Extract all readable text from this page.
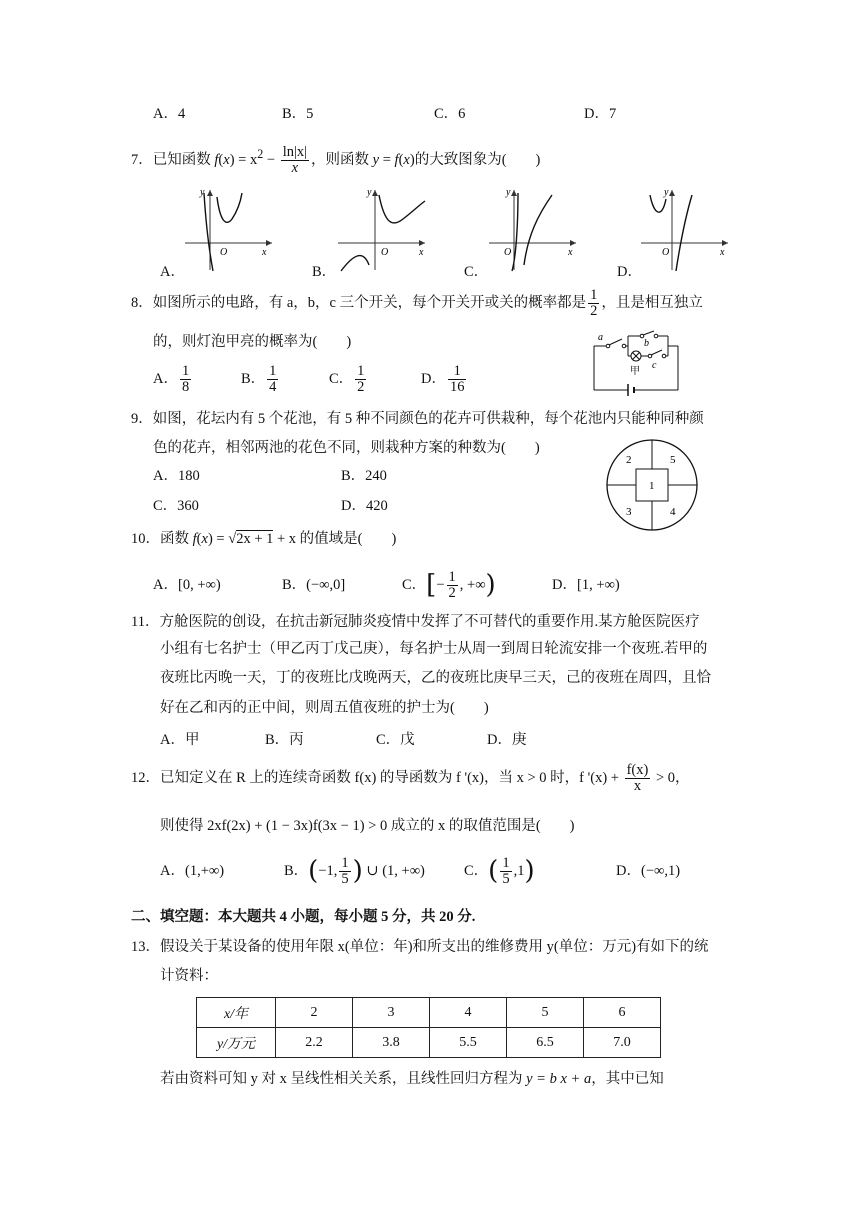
A．4	B．5	C．6	D．7
7．已知函数 $f(x) = x^2 - \frac{\ln|x|}{x}$ ，则函数 y = f(x)的大致图象为(　　)
y
x
O
y
x
O
y
x
O
y
x
O
A．	B．	C．	D．
8．如图所示的电路，有 a，b，c 三个开关，每个开关开或关的概率都是 $\frac{1}{2}$ ，且是相互独立
的，则灯泡甲亮的概率为(　　)
A． $\frac{1}{8}$	B． $\frac{1}{4}$	C． $\frac{1}{2}$	D． $\frac{1}{16}$
a
b
c
甲
9．如图，花坛内有 5 个花池，有 5 种不同颜色的花卉可供栽种，每个花池内只能种同种颜
色的花卉，相邻两池的花色不同，则栽种方案的种数为(　　)
A．180	B．240
C．360	D．420
1
2
3	4
5
10．函数 f(x) = √2x + 1 + x 的值域是(　　)
A．[0, +∞)	B．(−∞,0]	C．[− $\frac{1}{2}$ , +∞)	D．[1, +∞)
11．方舱医院的创设，在抗击新冠肺炎疫情中发挥了不可替代的重要作用.某方舱医院医疗
小组有七名护士（甲乙丙丁戊己庚），每名护士从周一到周日轮流安排一个夜班.若甲的
夜班比丙晚一天，丁的夜班比戊晚两天，乙的夜班比庚早三天，己的夜班在周四，且恰
好在乙和丙的正中间，则周五值夜班的护士为(　　)
A．甲	B．丙	C．戊	D．庚
12．已知定义在 R 上的连续奇函数 f(x) 的导函数为 f '(x)，当 x > 0 时，f '$(x) + \frac{f(x)}{x} > 0$，
则使得 2xf(2x) + (1 − 3x)f(3x − 1) > 0 成立的 x 的取值范围是(　　)
A．(1,+∞)	B．(−1, $\frac{1}{5}$ ) ∪ (1, +∞)	C．( $\frac{1}{5} ,1$)	D．(−∞,1)
二、填空题：本大题共 4 小题，每小题 5 分，共 20 分.
13．假设关于某设备的使用年限 x(单位：年)和所支出的维修费用 y(单位：万元)有如下的统
计资料：
x/年	2	3	4	5	6
y/万元	2.2	3.8	5.5	6.5	7.0
若由资料可知 y 对 x 呈线性相关关系，且线性回归方程为 y = b x + a，其中已知
